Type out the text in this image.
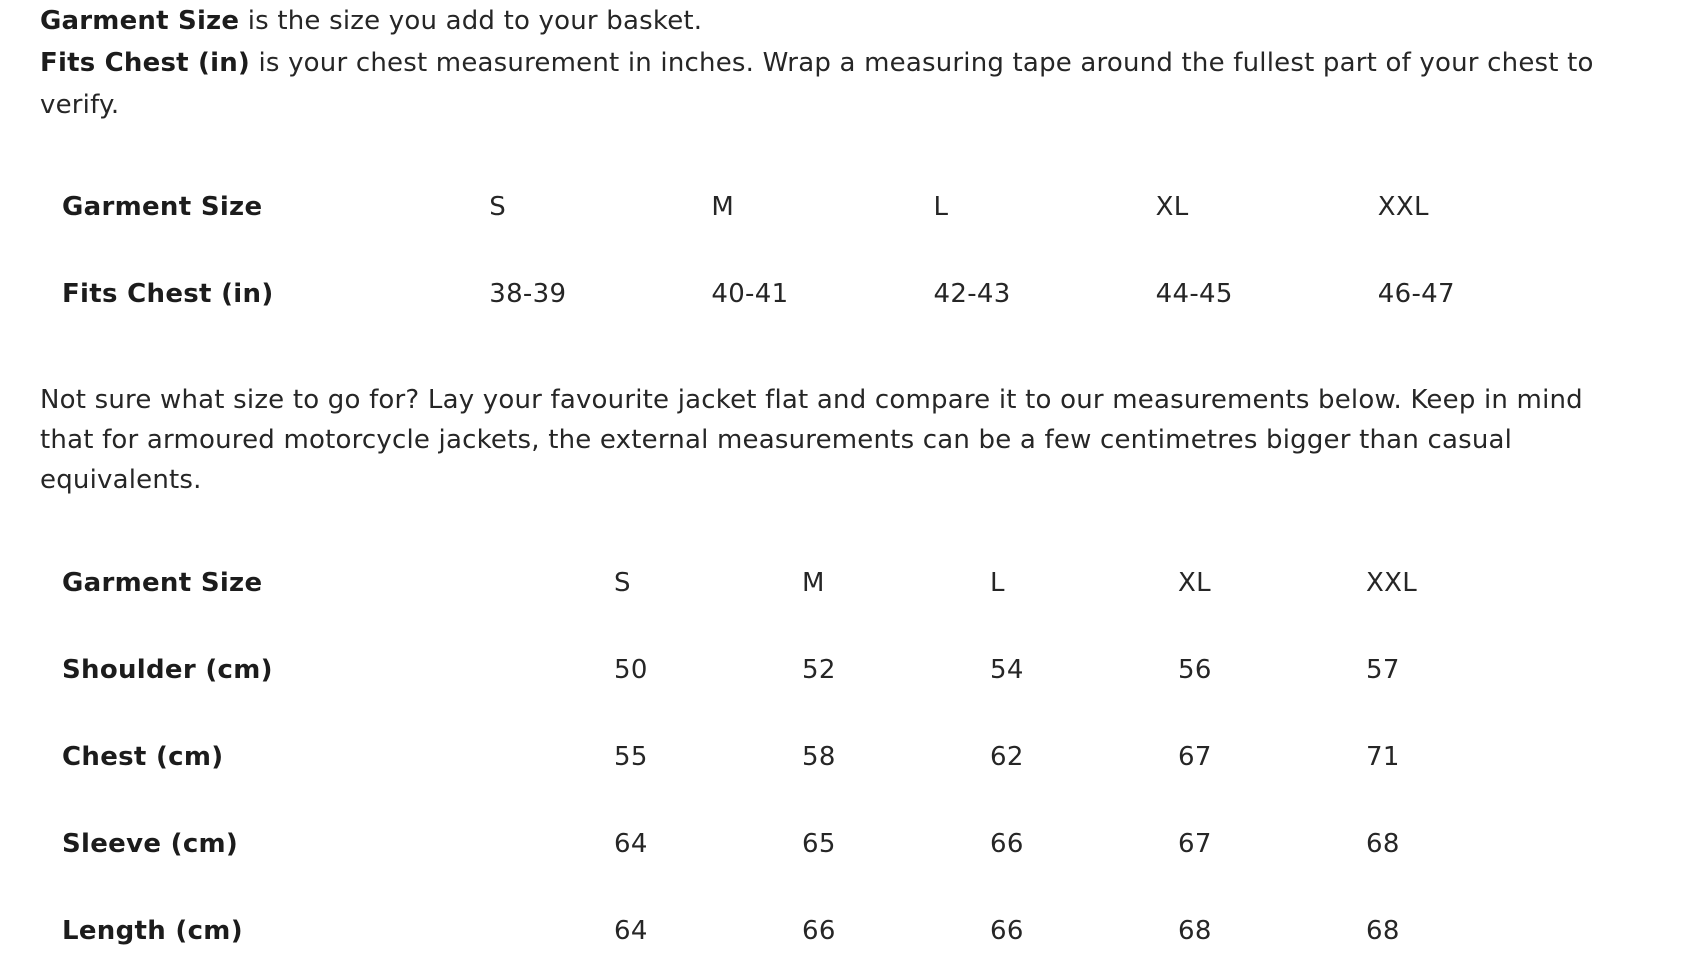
Garment Size is the size you add to your basket.
Fits Chest (in) is your chest measurement in inches. Wrap a measuring tape around the fullest part of your chest to verify.
Garment Size	S	M	L	XL	XXL
Fits Chest (in)	38-39	40-41	42-43	44-45	46-47

Not sure what size to go for? Lay your favourite jacket flat and compare it to our measurements below. Keep in mind that for armoured motorcycle jackets, the external measurements can be a few centimetres bigger than casual equivalents.

Garment Size	S	M	L	XL	XXL
Shoulder (cm)	50	52	54	56	57
Chest (cm)	55	58	62	67	71
Sleeve (cm)	64	65	66	67	68
Length (cm)	64	66	66	68	68
